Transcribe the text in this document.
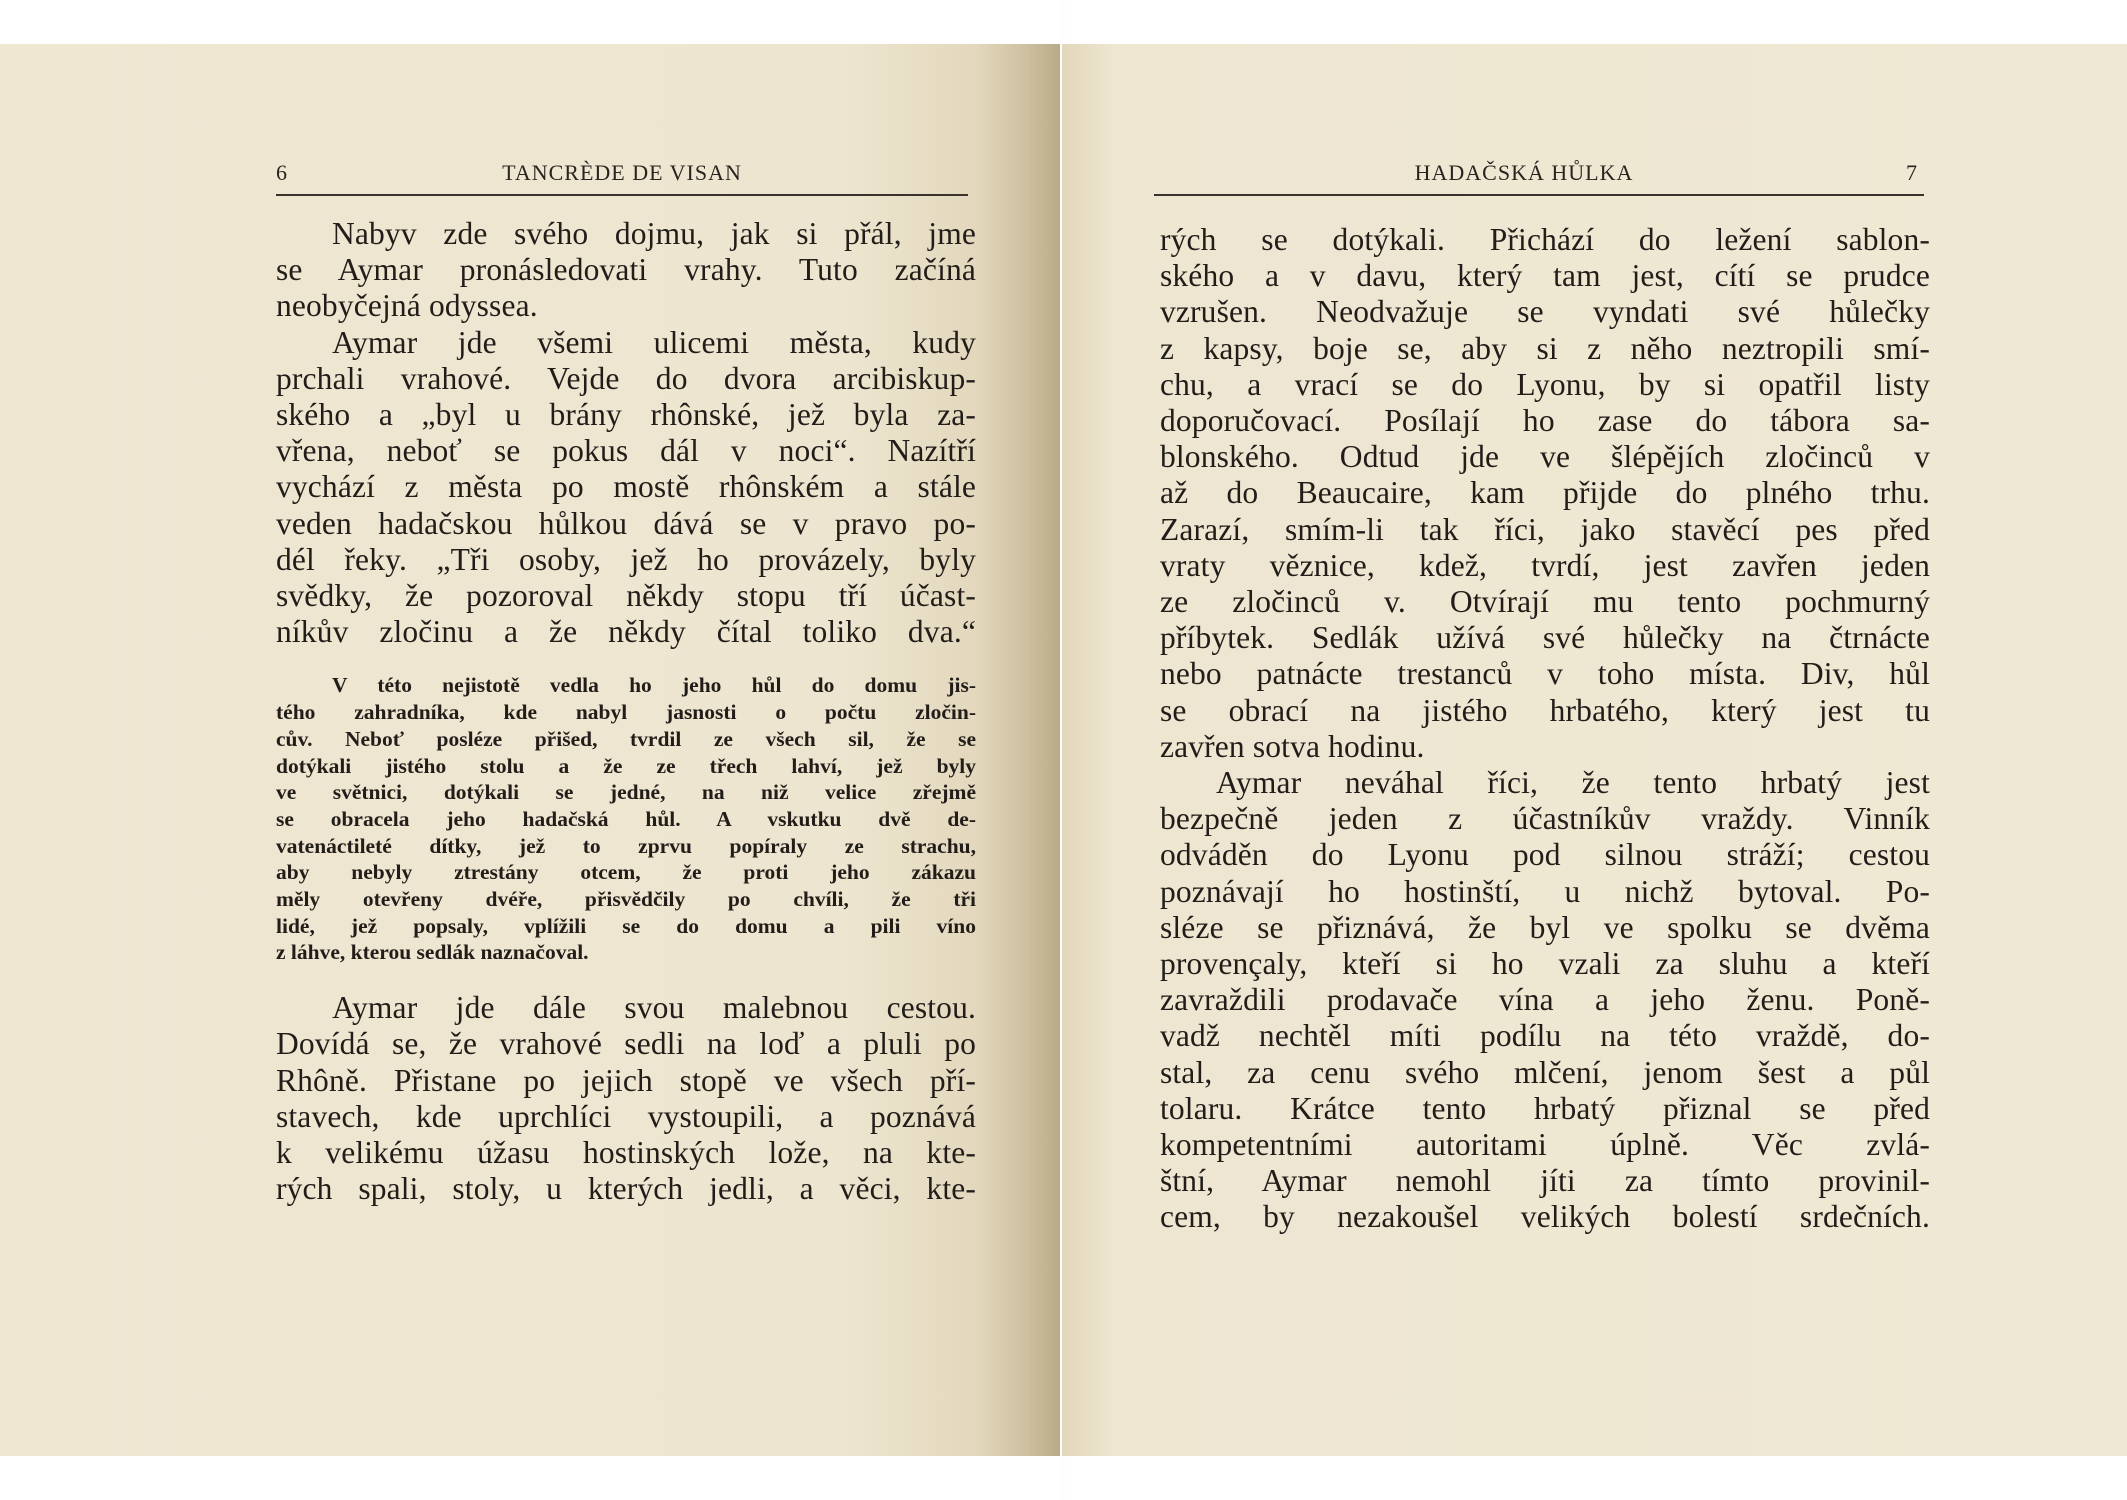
6	TANCRÈDE DE VISAN
Nabyv zde svého dojmu, jak si přál, jme
se Aymar pronásledovati vrahy. Tuto začíná
neobyčejná odyssea.
Aymar jde všemi ulicemi města, kudy
prchali vrahové. Vejde do dvora arcibiskup-
ského a „byl u brány rhônské, jež byla za-
vřena, neboť se pokus dál v noci“. Nazítří
vychází z města po mostě rhônském a stále
veden hadačskou hůlkou dává se v pravo po-
dél řeky. „Tři osoby, jež ho provázely, byly
svědky, že pozoroval někdy stopu tří účast-
níkův zločinu a že někdy čítal toliko dva.“
V této nejistotě vedla ho jeho hůl do domu jis-
tého zahradníka, kde nabyl jasnosti o počtu zločin-
cův. Neboť posléze přišed, tvrdil ze všech sil, že se
dotýkali jistého stolu a že ze třech lahví, jež byly
ve světnici, dotýkali se jedné, na niž velice zřejmě
se obracela jeho hadačská hůl. A vskutku dvě de-
vatenáctileté dítky, jež to zprvu popíraly ze strachu,
aby nebyly ztrestány otcem, že proti jeho zákazu
měly otevřeny dvéře, přisvědčily po chvíli, že tři
lidé, jež popsaly, vplížili se do domu a pili víno
z láhve, kterou sedlák naznačoval.
Aymar jde dále svou malebnou cestou.
Dovídá se, že vrahové sedli na loď a pluli po
Rhôně. Přistane po jejich stopě ve všech pří-
stavech, kde uprchlíci vystoupili, a poznává
k velikému úžasu hostinských lože, na kte-
rých spali, stoly, u kterých jedli, a věci, kte-
HADAČSKÁ HŮLKA	7
rých se dotýkali. Přichází do ležení sablon-
ského a v davu, který tam jest, cítí se prudce
vzrušen. Neodvažuje se vyndati své hůlečky
z kapsy, boje se, aby si z něho neztropili smí-
chu, a vrací se do Lyonu, by si opatřil listy
doporučovací. Posílají ho zase do tábora sa-
blonského. Odtud jde ve šlépějích zločinců v
až do Beaucaire, kam přijde do plného trhu.
Zarazí, smím-li tak říci, jako stavěcí pes před
vraty věznice, kdež, tvrdí, jest zavřen jeden
ze zločinců v. Otvírají mu tento pochmurný
příbytek. Sedlák užívá své hůlečky na čtrnácte
nebo patnácte trestanců v toho místa. Div, hůl
se obrací na jistého hrbatého, který jest tu
zavřen sotva hodinu.
Aymar neváhal říci, že tento hrbatý jest
bezpečně jeden z účastníkův vraždy. Vinník
odváděn do Lyonu pod silnou stráží; cestou
poznávají ho hostinští, u nichž bytoval. Po-
sléze se přiznává, že byl ve spolku se dvěma
provençaly, kteří si ho vzali za sluhu a kteří
zavraždili prodavače vína a jeho ženu. Poně-
vadž nechtěl míti podílu na této vraždě, do-
stal, za cenu svého mlčení, jenom šest a půl
tolaru. Krátce tento hrbatý přiznal se před
kompetentními autoritami úplně. Věc zvlá-
štní, Aymar nemohl jíti za tímto provinil-
cem, by nezakoušel velikých bolestí srdečních.
